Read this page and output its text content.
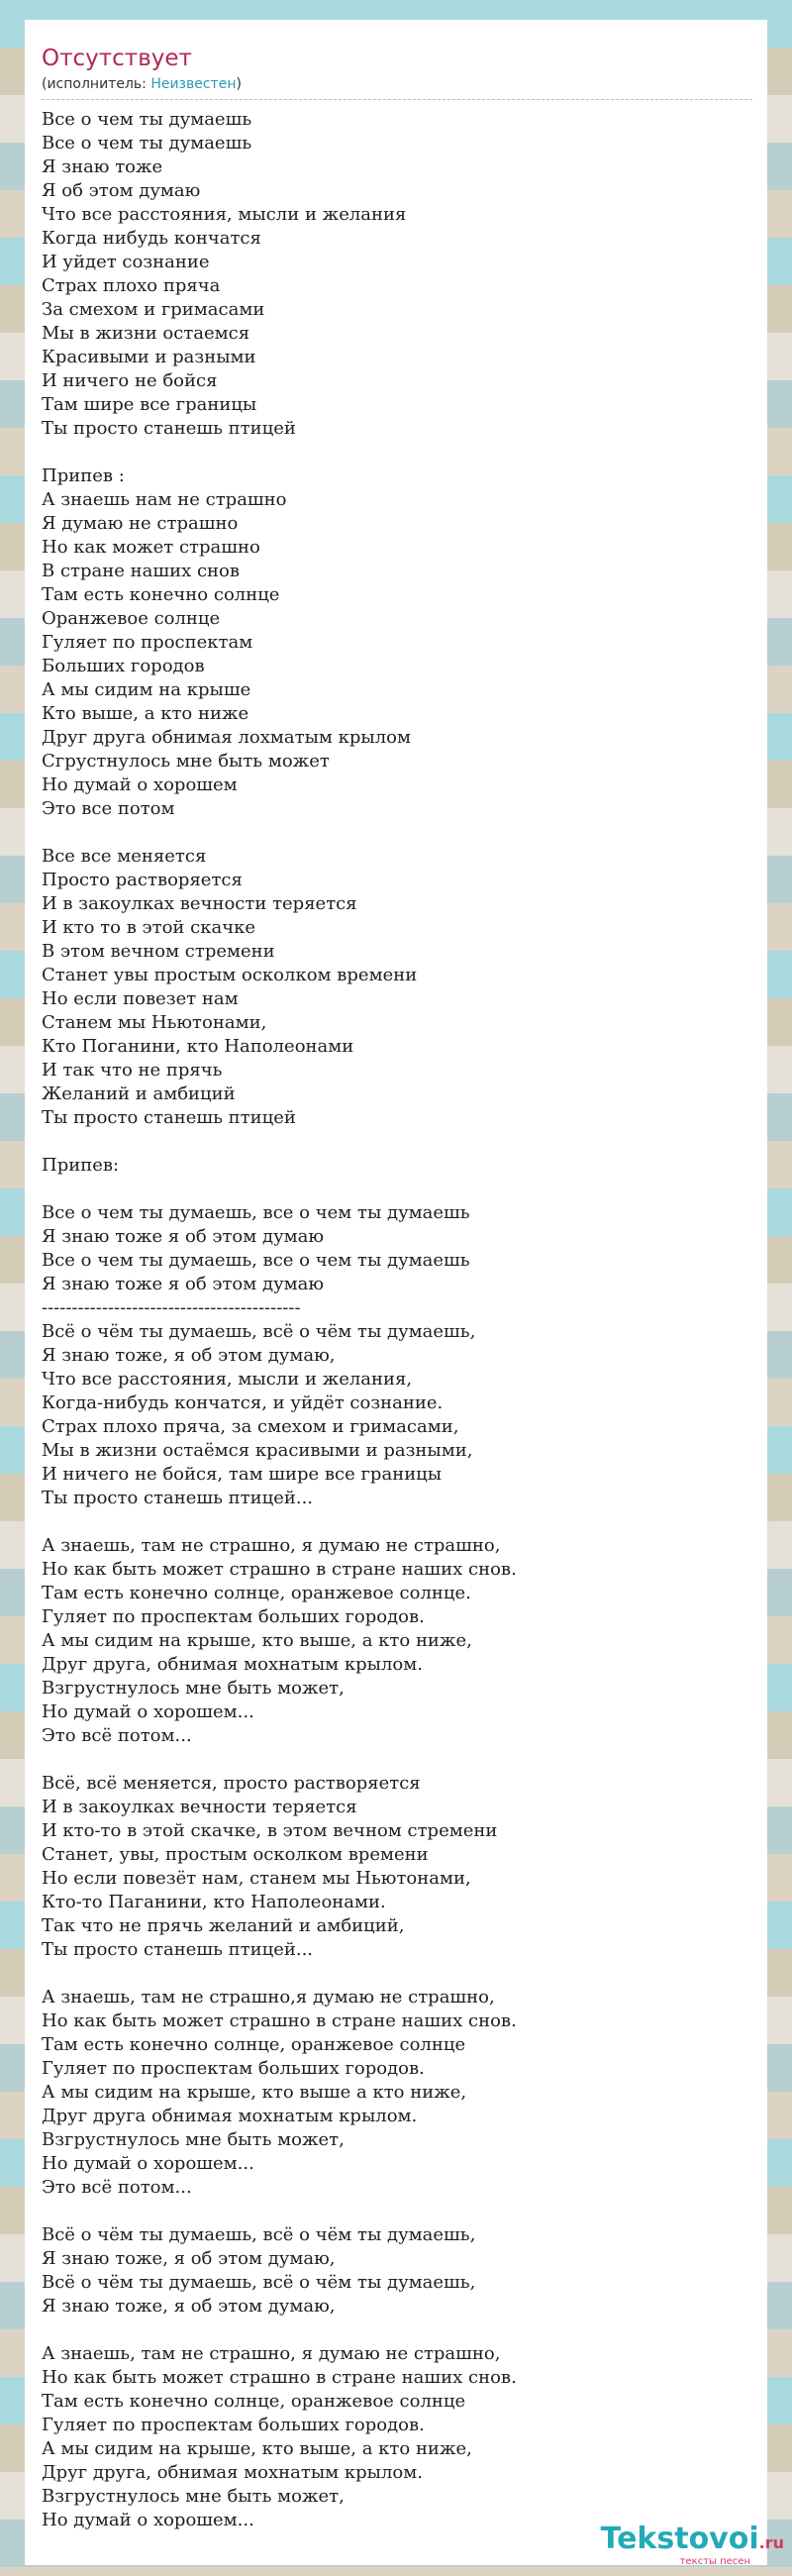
Отсутствует
(исполнитель: Неизвестен)
Все о чем ты думаешь
Все о чем ты думаешь
Я знаю тоже
Я об этом думаю
Что все расстояния, мысли и желания
Когда нибудь кончатся
И уйдет сознание
Страх плохо пряча
За смехом и гримасами
Мы в жизни остаемся
Красивыми и разными
И ничего не бойся
Там шире все границы
Ты просто станешь птицей
Припев :
А знаешь нам не страшно
Я думаю не страшно
Но как может страшно
В стране наших снов
Там есть конечно солнце
Оранжевое солнце
Гуляет по проспектам
Больших городов
А мы сидим на крыше
Кто выше, а кто ниже
Друг друга обнимая лохматым крылом
Сгрустнулось мне быть может
Но думай о хорошем
Это все потом
Все все меняется
Просто растворяется
И в закоулках вечности теряется
И кто то в этой скачке
В этом вечном стремени
Станет увы простым осколком времени
Но если повезет нам
Станем мы Ньютонами,
Кто Поганини, кто Наполеонами
И так что не прячь
Желаний и амбиций
Ты просто станешь птицей
Припев:
Все о чем ты думаешь, все о чем ты думаешь
Я знаю тоже я об этом думаю
Все о чем ты думаешь, все о чем ты думаешь
Я знаю тоже я об этом думаю
-------------------------------------------
Всё о чём ты думаешь, всё о чём ты думаешь,
Я знаю тоже, я об этом думаю,
Что все расстояния, мысли и желания,
Когда-нибудь кончатся, и уйдёт сознание.
Страх плохо пряча, за смехом и гримасами,
Мы в жизни остаёмся красивыми и разными,
И ничего не бойся, там шире все границы
Ты просто станешь птицей...
А знаешь, там не страшно, я думаю не страшно,
Но как быть может страшно в стране наших снов.
Там есть конечно солнце, оранжевое солнце.
Гуляет по проспектам больших городов.
А мы сидим на крыше, кто выше, а кто ниже,
Друг друга, обнимая мохнатым крылом.
Взгрустнулось мне быть может,
Но думай о хорошем...
Это всё потом...
Всё, всё меняется, просто растворяется
И в закоулках вечности теряется
И кто-то в этой скачке, в этом вечном стремени
Станет, увы, простым осколком времени
Но если повезёт нам, станем мы Ньютонами,
Кто-то Паганини, кто Наполеонами.
Так что не прячь желаний и амбиций,
Ты просто станешь птицей...
А знаешь, там не страшно,я думаю не страшно,
Но как быть может страшно в стране наших снов.
Там есть конечно солнце, оранжевое солнце
Гуляет по проспектам больших городов.
А мы сидим на крыше, кто выше а кто ниже,
Друг друга обнимая мохнатым крылом.
Взгрустнулось мне быть может,
Но думай о хорошем...
Это всё потом...
Всё о чём ты думаешь, всё о чём ты думаешь,
Я знаю тоже, я об этом думаю,
Всё о чём ты думаешь, всё о чём ты думаешь,
Я знаю тоже, я об этом думаю,
А знаешь, там не страшно, я думаю не страшно,
Но как быть может страшно в стране наших снов.
Там есть конечно солнце, оранжевое солнце
Гуляет по проспектам больших городов.
А мы сидим на крыше, кто выше, а кто ниже,
Друг друга, обнимая мохнатым крылом.
Взгрустнулось мне быть может,
Но думай о хорошем...
Tekstovoi.ru
тексты песен
